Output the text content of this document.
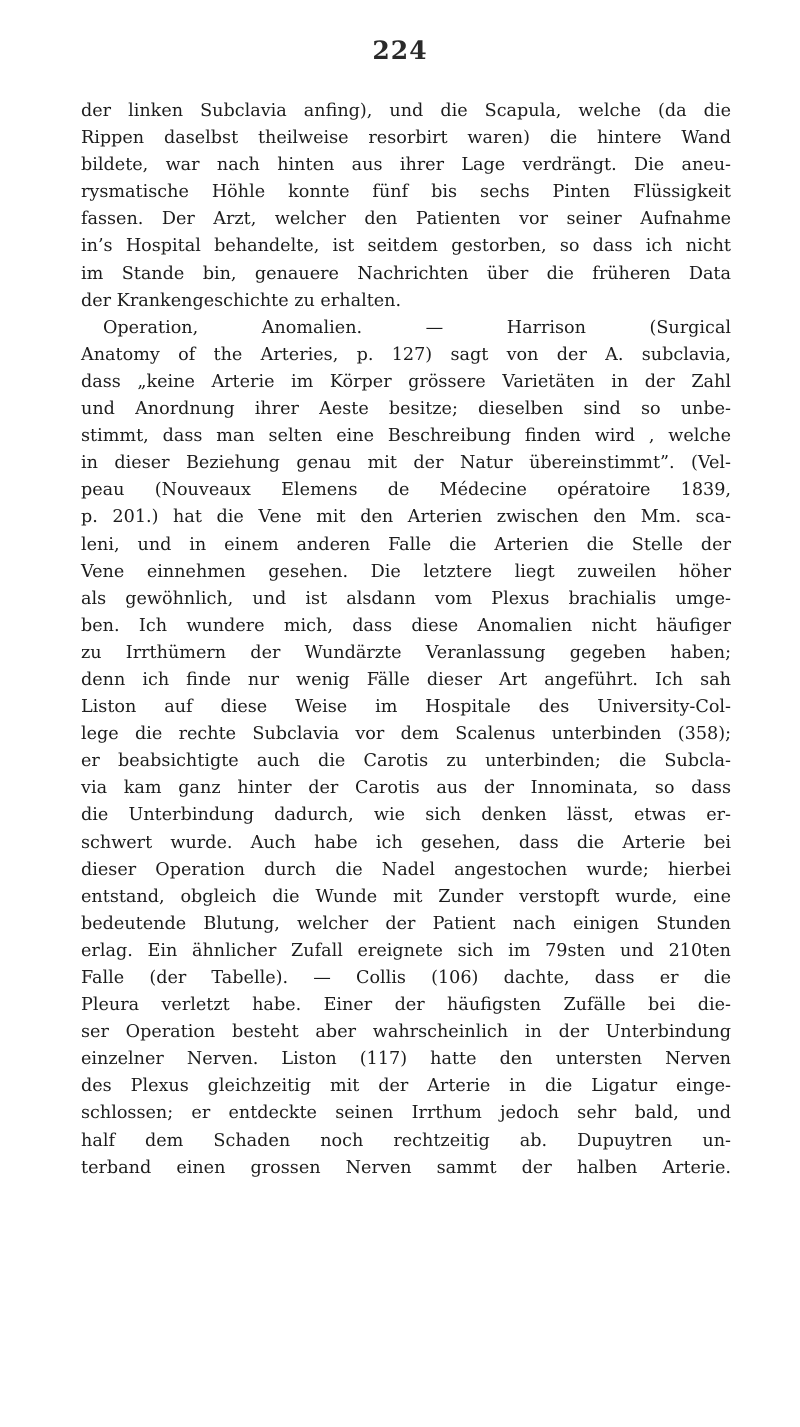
224
der linken Subclavia anfing), und die Scapula, welche (da die
Rippen daselbst theilweise resorbirt waren) die hintere Wand
bildete, war nach hinten aus ihrer Lage verdrängt. Die aneu-
rysmatische Höhle konnte fünf bis sechs Pinten Flüssigkeit
fassen. Der Arzt, welcher den Patienten vor seiner Aufnahme
in’s Hospital behandelte, ist seitdem gestorben, so dass ich nicht
im Stande bin, genauere Nachrichten über die früheren Data
der Krankengeschichte zu erhalten.
Operation, Anomalien. — Harrison (Surgical
Anatomy of the Arteries, p. 127) sagt von der A. subclavia,
dass „keine Arterie im Körper grössere Varietäten in der Zahl
und Anordnung ihrer Aeste besitze; dieselben sind so unbe-
stimmt, dass man selten eine Beschreibung finden wird , welche
in dieser Beziehung genau mit der Natur übereinstimmt”. (Vel-
peau (Nouveaux Elemens de Médecine opératoire 1839,
p. 201.) hat die Vene mit den Arterien zwischen den Mm. sca-
leni, und in einem anderen Falle die Arterien die Stelle der
Vene einnehmen gesehen. Die letztere liegt zuweilen höher
als gewöhnlich, und ist alsdann vom Plexus brachialis umge-
ben. Ich wundere mich, dass diese Anomalien nicht häufiger
zu Irrthümern der Wundärzte Veranlassung gegeben haben;
denn ich finde nur wenig Fälle dieser Art angeführt. Ich sah
Liston auf diese Weise im Hospitale des University-Col-
lege die rechte Subclavia vor dem Scalenus unterbinden (358);
er beabsichtigte auch die Carotis zu unterbinden; die Subcla-
via kam ganz hinter der Carotis aus der Innominata, so dass
die Unterbindung dadurch, wie sich denken lässt, etwas er-
schwert wurde. Auch habe ich gesehen, dass die Arterie bei
dieser Operation durch die Nadel angestochen wurde; hierbei
entstand, obgleich die Wunde mit Zunder verstopft wurde, eine
bedeutende Blutung, welcher der Patient nach einigen Stunden
erlag. Ein ähnlicher Zufall ereignete sich im 79sten und 210ten
Falle (der Tabelle). — Collis (106) dachte, dass er die
Pleura verletzt habe. Einer der häufigsten Zufälle bei die-
ser Operation besteht aber wahrscheinlich in der Unterbindung
einzelner Nerven. Liston (117) hatte den untersten Nerven
des Plexus gleichzeitig mit der Arterie in die Ligatur einge-
schlossen; er entdeckte seinen Irrthum jedoch sehr bald, und
half dem Schaden noch rechtzeitig ab. Dupuytren un-
terband einen grossen Nerven sammt der halben Arterie.
